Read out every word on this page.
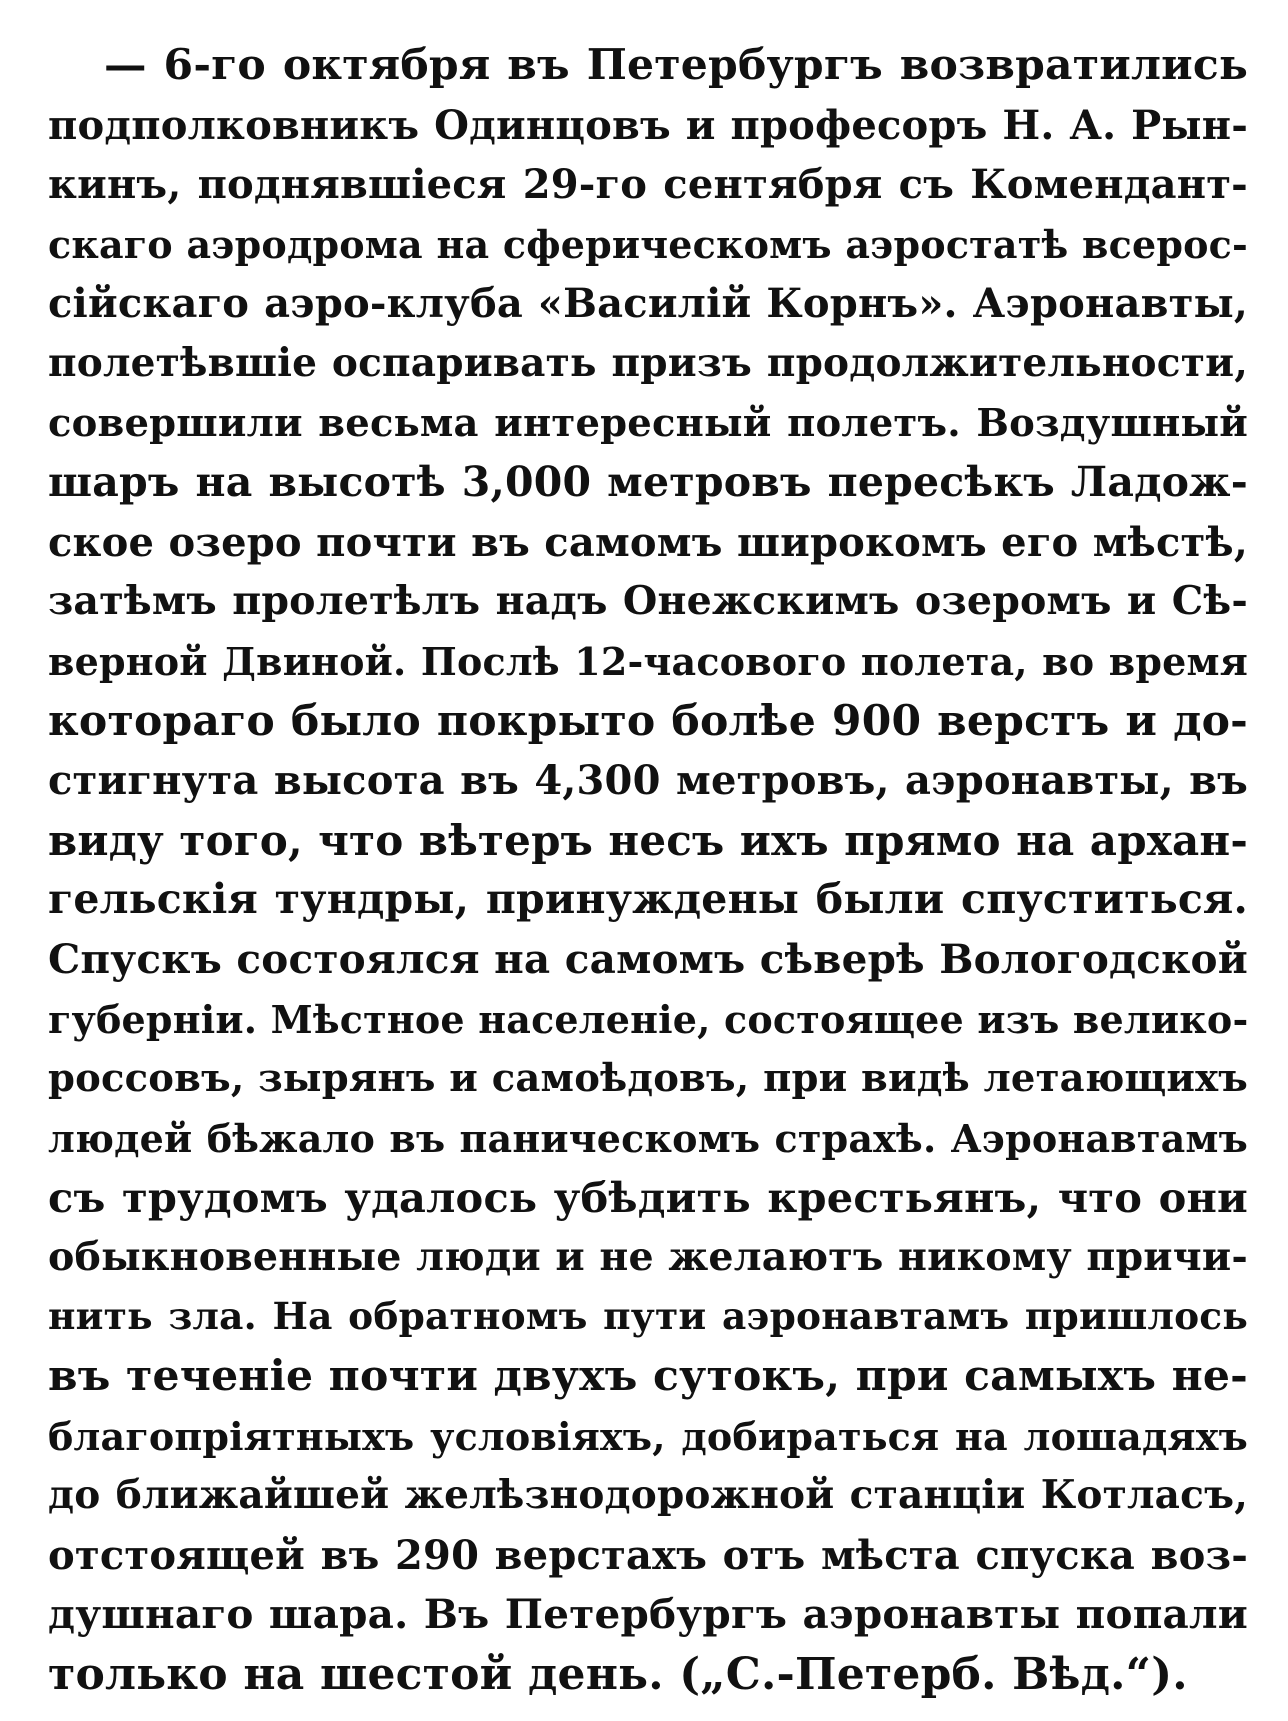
— 6-го октября въ Петербургъ возвратились
подполковникъ Одинцовъ и професоръ Н. А. Рын-
кинъ, поднявшіеся 29-го сентября съ Комендант-
скаго аэродрома на сферическомъ аэростатѣ всерос-
сійскаго аэро-клуба «Василій Корнъ». Аэронавты,
полетѣвшіе оспаривать призъ продолжительности,
совершили весьма интересный полетъ. Воздушный
шаръ на высотѣ 3,000 метровъ пересѣкъ Ладож-
ское озеро почти въ самомъ широкомъ его мѣстѣ,
затѣмъ пролетѣлъ надъ Онежскимъ озеромъ и Сѣ-
верной Двиной. Послѣ 12-часового полета, во время
котораго было покрыто болѣе 900 верстъ и до-
стигнута высота въ 4,300 метровъ, аэронавты, въ
виду того, что вѣтеръ несъ ихъ прямо на архан-
гельскія тундры, принуждены были спуститься.
Спускъ состоялся на самомъ сѣверѣ Вологодской
губерніи. Мѣстное населеніе, состоящее изъ велико-
россовъ, зырянъ и самоѣдовъ, при видѣ летающихъ
людей бѣжало въ паническомъ страхѣ. Аэронавтамъ
съ трудомъ удалось убѣдить крестьянъ, что они
обыкновенные люди и не желаютъ никому причи-
нить зла. На обратномъ пути аэронавтамъ пришлось
въ теченіе почти двухъ сутокъ, при самыхъ не-
благопріятныхъ условіяхъ, добираться на лошадяхъ
до ближайшей желѣзнодорожной станціи Котласъ,
отстоящей въ 290 верстахъ отъ мѣста спуска воз-
душнаго шара. Въ Петербургъ аэронавты попали
только на шестой день. („С.-Петерб. Вѣд.“).
